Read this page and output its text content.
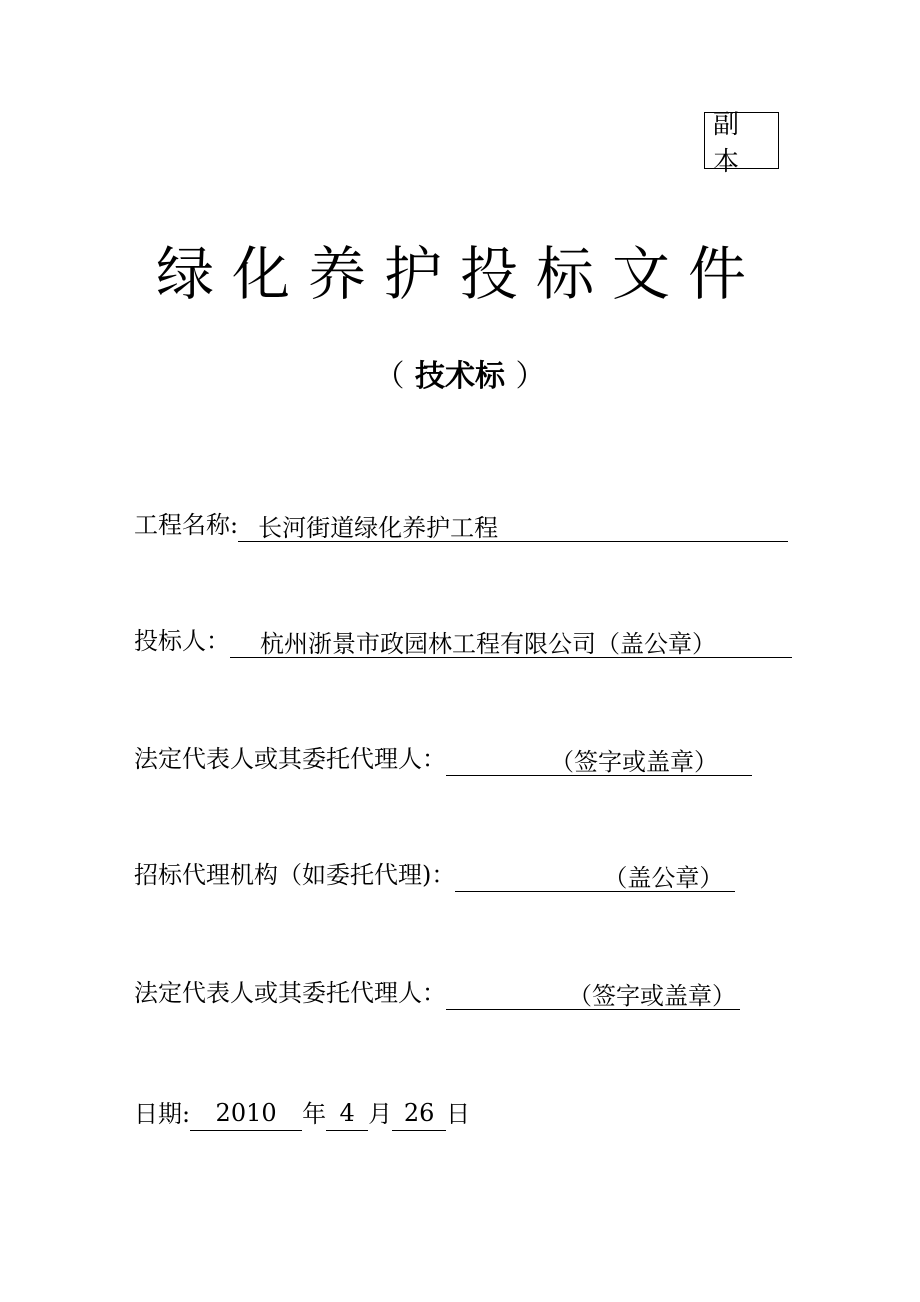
副本
绿化养护投标文件
（ 技术标 ）
工程名称: 长河街道绿化养护工程
投标人： 杭州浙景市政园林工程有限公司（盖公章）
法定代表人或其委托代理人：	（签字或盖章）
招标代理机构（如委托代理)：	（盖公章）
法定代表人或其委托代理人：	（签字或盖章）
日期:	2010	年 4 月 26 日
